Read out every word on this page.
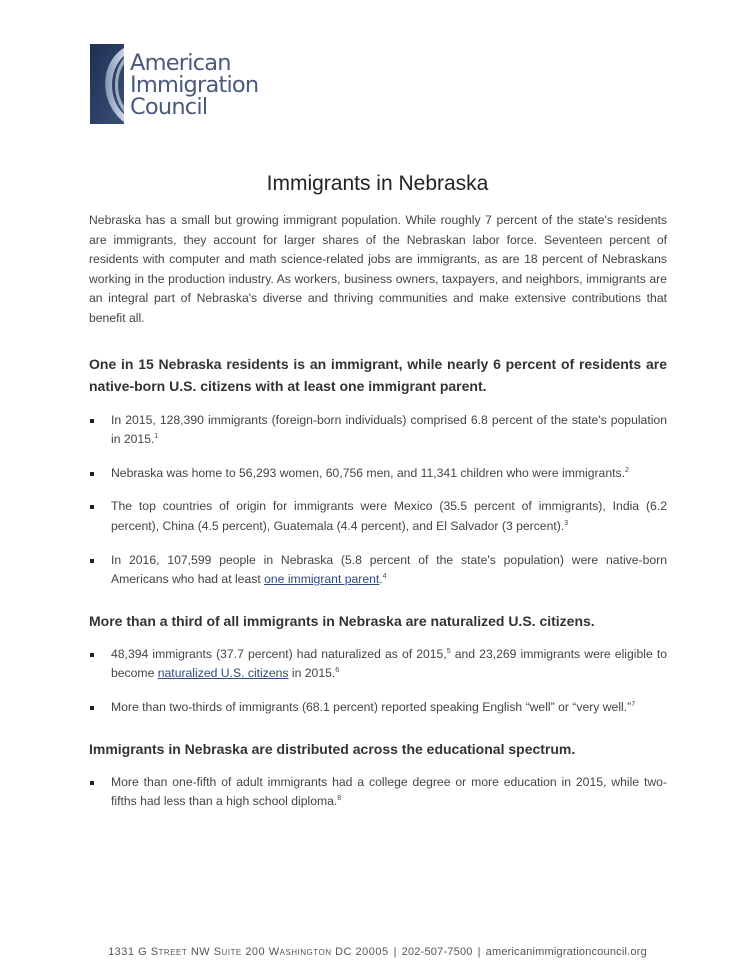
American
Immigration
Council
Immigrants in Nebraska

Nebraska has a small but growing immigrant population. While roughly 7 percent of the state's residents are immigrants, they account for larger shares of the Nebraskan labor force. Seventeen percent of residents with computer and math science-related jobs are immigrants, as are 18 percent of Nebraskans working in the production industry. As workers, business owners, taxpayers, and neighbors, immigrants are an integral part of Nebraska's diverse and thriving communities and make extensive contributions that benefit all.

One in 15 Nebraska residents is an immigrant, while nearly 6 percent of residents are native-born U.S. citizens with at least one immigrant parent.

In 2015, 128,390 immigrants (foreign-born individuals) comprised 6.8 percent of the state's population in 2015.$^1$
Nebraska was home to 56,293 women, 60,756 men, and 11,341 children who were immigrants.$^2$
The top countries of origin for immigrants were Mexico (35.5 percent of immigrants), India (6.2 percent), China (4.5 percent), Guatemala (4.4 percent), and El Salvador (3 percent).$^3$
In 2016, 107,599 people in Nebraska (5.8 percent of the state's population) were native-born Americans who had at least one immigrant parent.$^4$

More than a third of all immigrants in Nebraska are naturalized U.S. citizens.

48,394 immigrants (37.7 percent) had naturalized as of 2015,$^5$ and 23,269 immigrants were eligible to become naturalized U.S. citizens in 2015.$^6$
More than two-thirds of immigrants (68.1 percent) reported speaking English “well” or “very well.”$^7$

Immigrants in Nebraska are distributed across the educational spectrum.

More than one-fifth of adult immigrants had a college degree or more education in 2015, while two-fifths had less than a high school diploma.$^8$
1331 G Street NW Suite 200 Washington DC 20005 | 202-507-7500 | americanimmigrationcouncil.org
